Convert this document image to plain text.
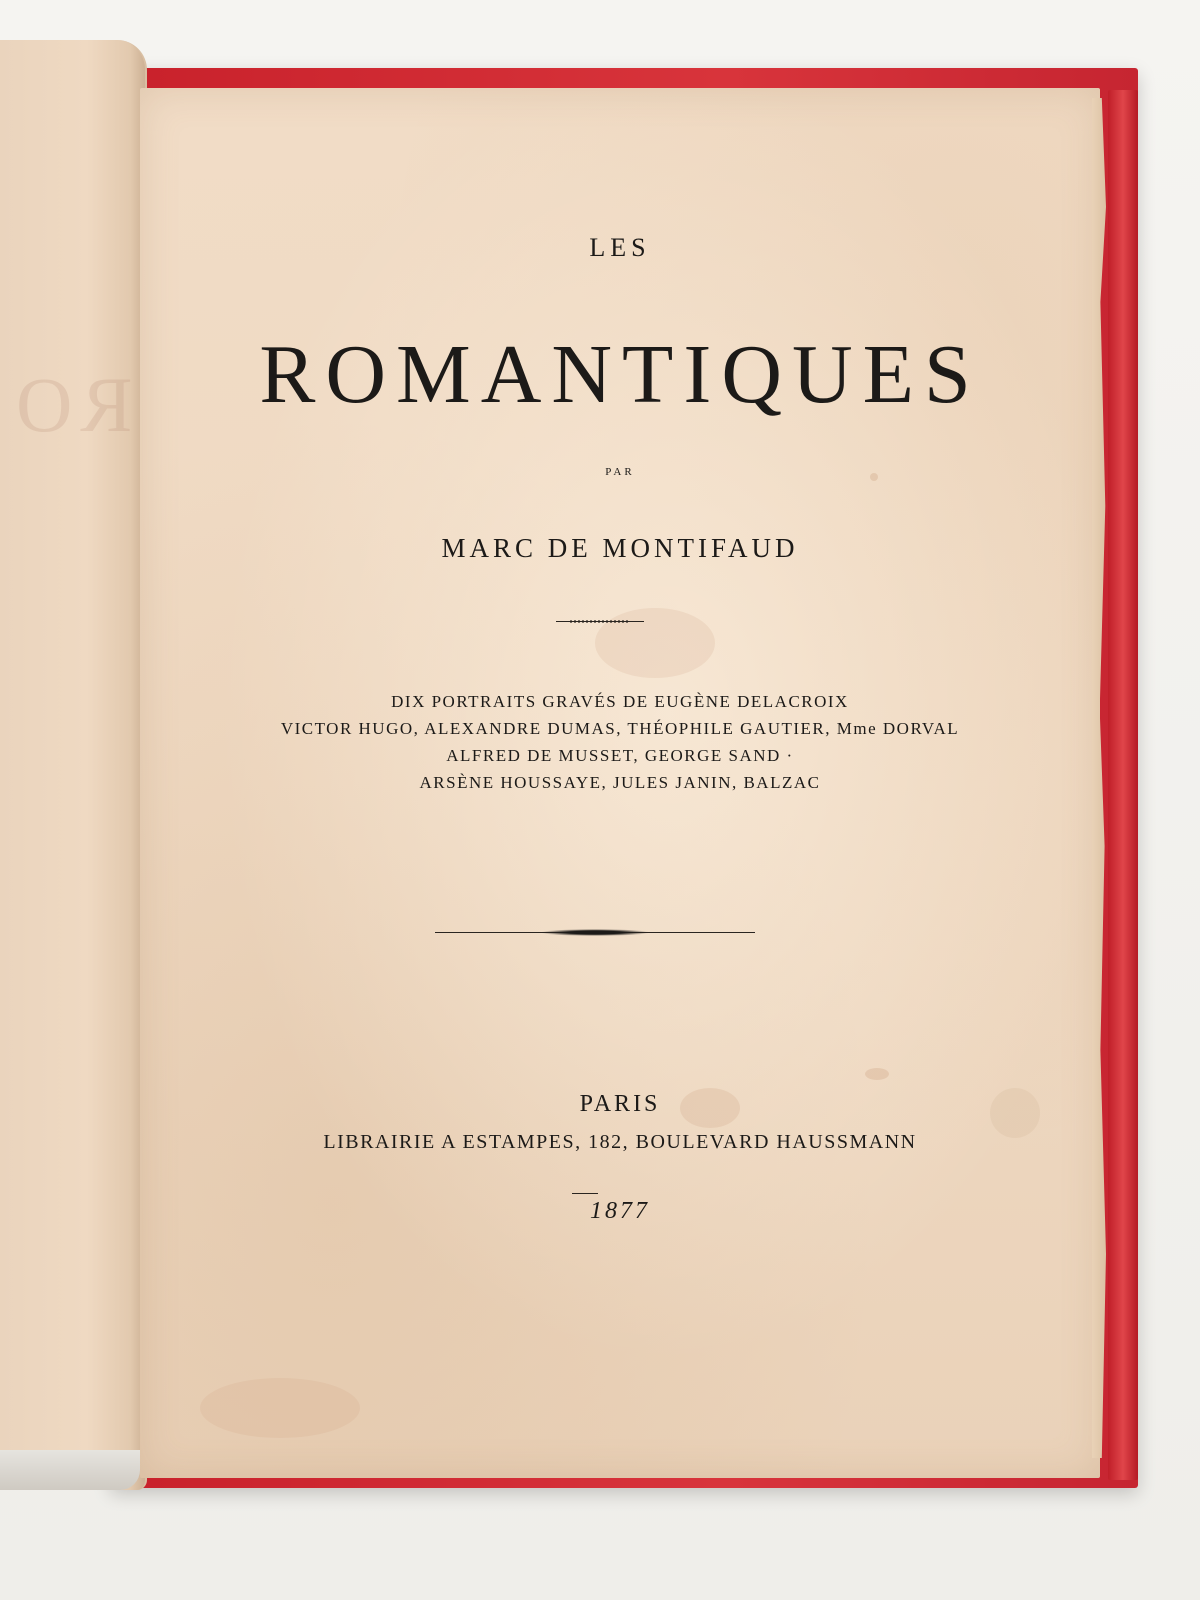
RO
LES
ROMANTIQUES
PAR
MARC DE MONTIFAUD
DIX PORTRAITS GRAVÉS DE EUGÈNE DELACROIX
VICTOR HUGO, ALEXANDRE DUMAS, THÉOPHILE GAUTIER, Mme DORVAL
ALFRED DE MUSSET, GEORGE SAND ·
ARSÈNE HOUSSAYE, JULES JANIN, BALZAC
PARIS
LIBRAIRIE A ESTAMPES, 182, BOULEVARD HAUSSMANN
1877
